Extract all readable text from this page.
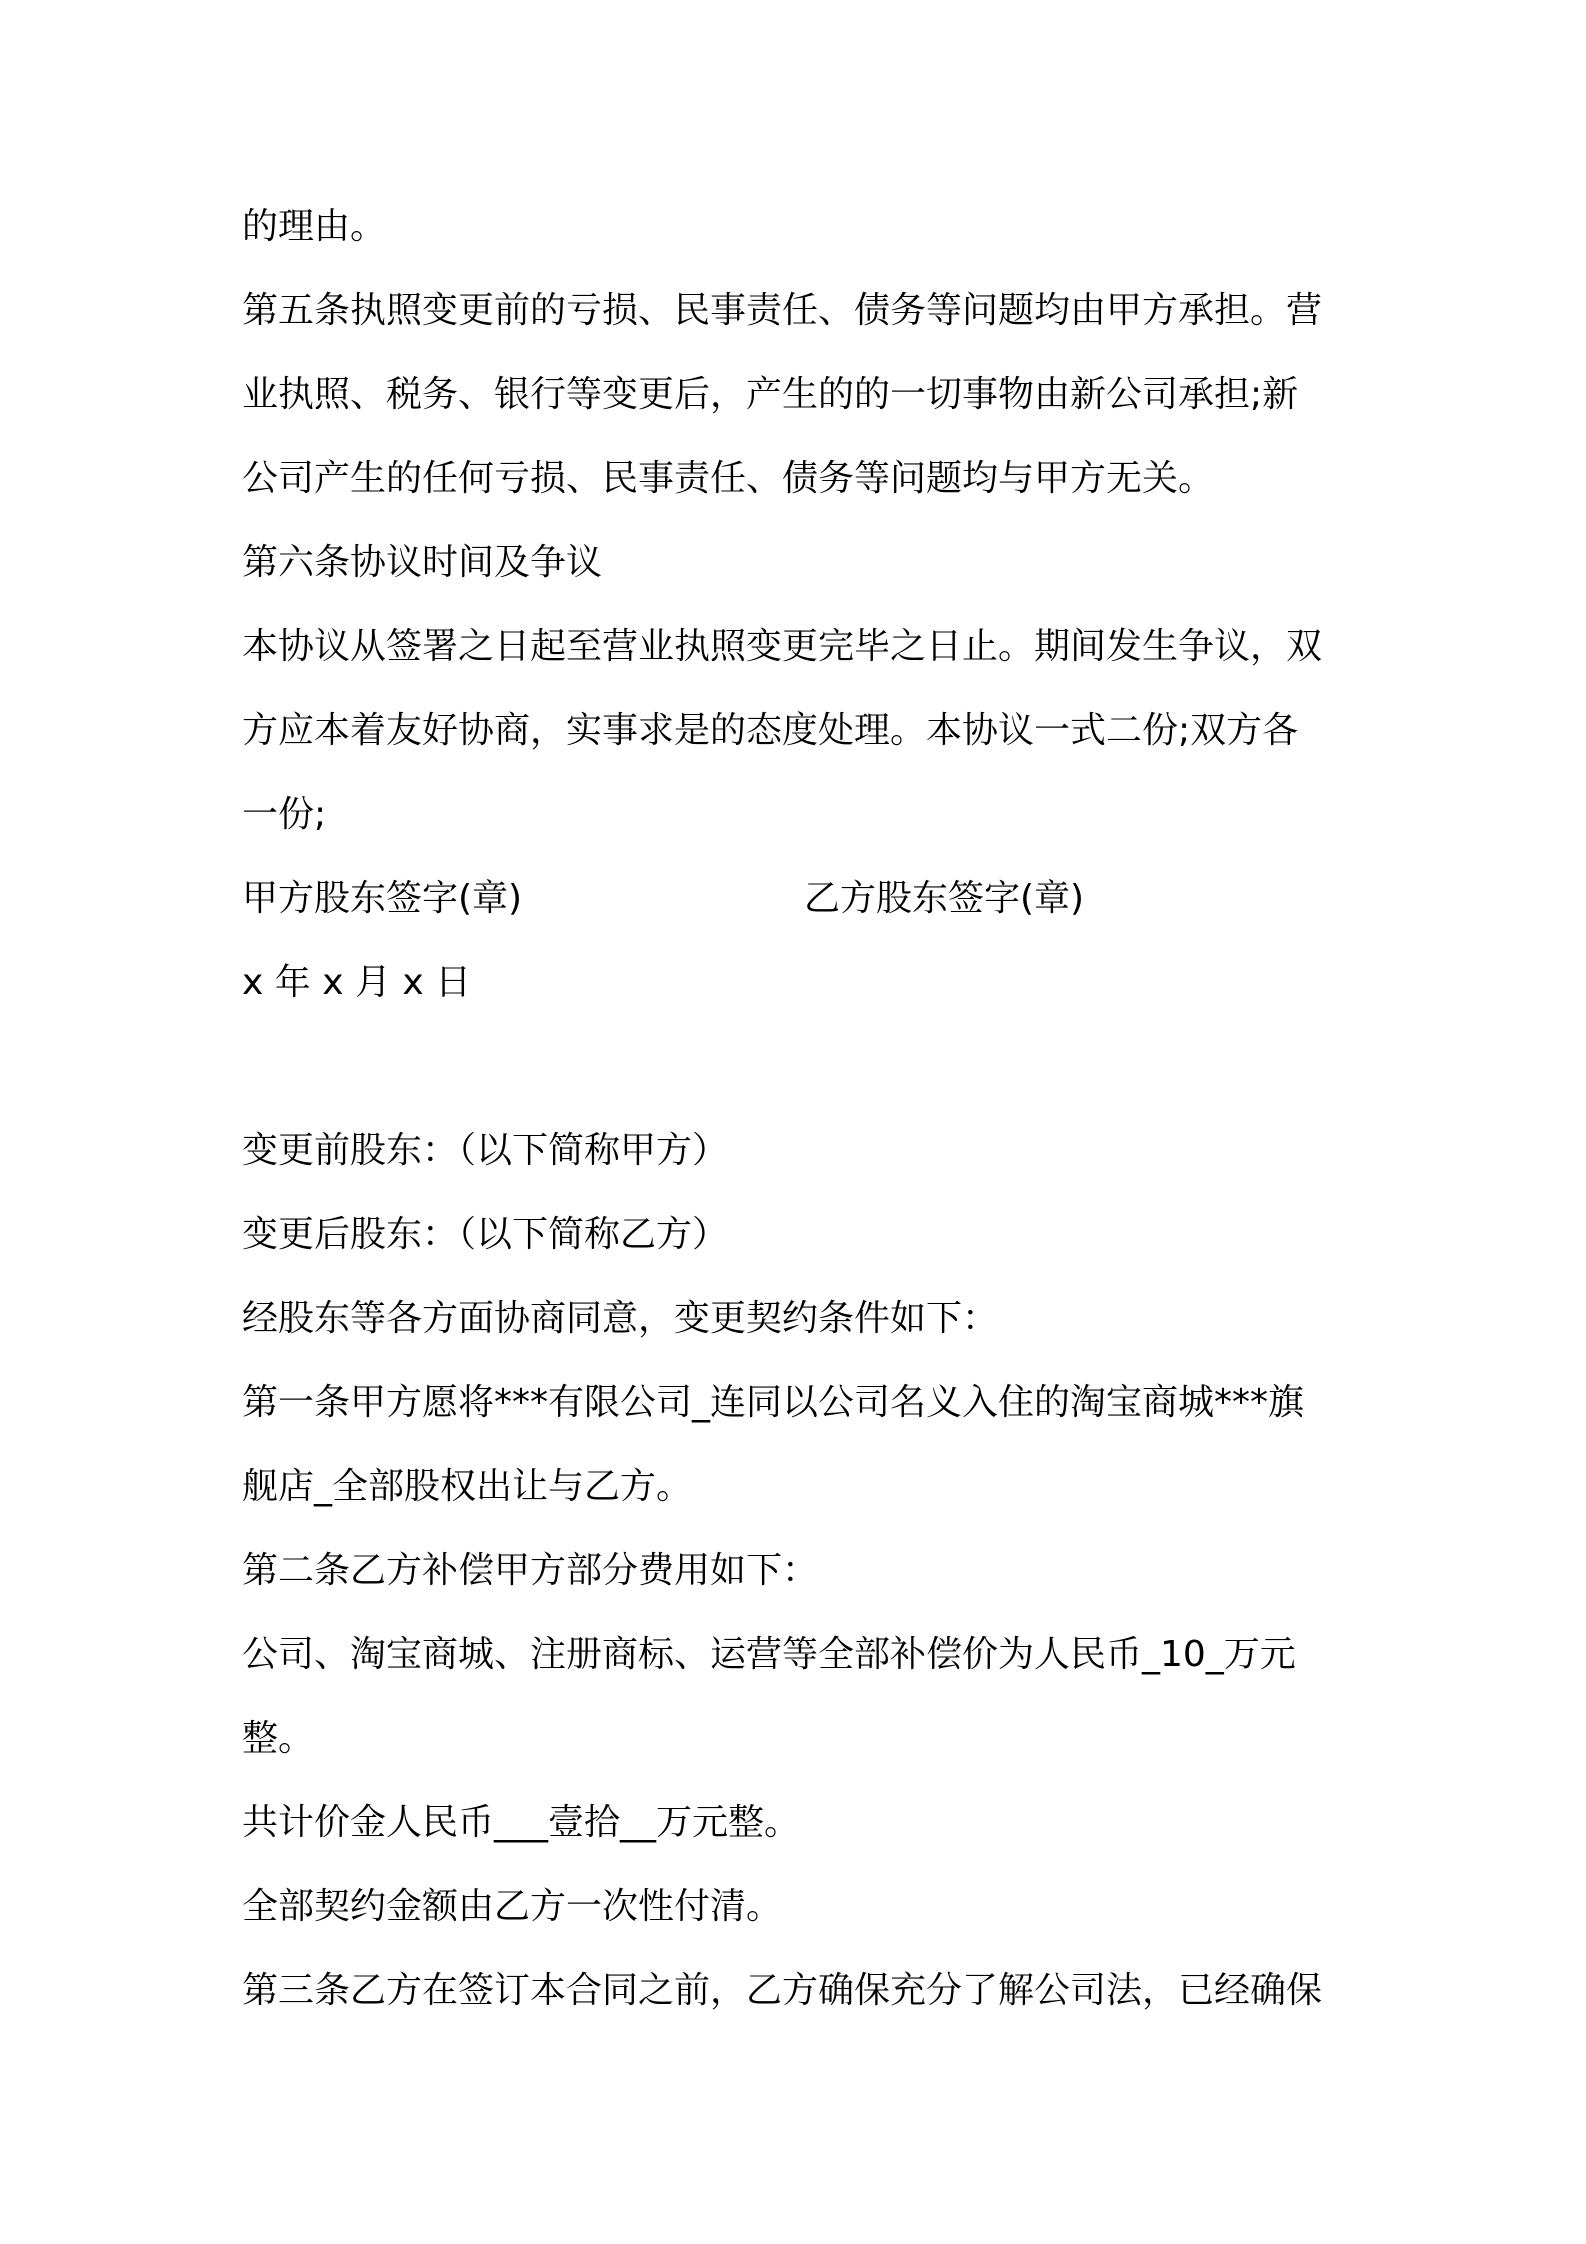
的理由。
第五条执照变更前的亏损、民事责任、债务等问题均由甲方承担。营
业执照、税务、银行等变更后，产生的的一切事物由新公司承担;新
公司产生的任何亏损、民事责任、债务等问题均与甲方无关。
第六条协议时间及争议
本协议从签署之日起至营业执照变更完毕之日止。期间发生争议，双
方应本着友好协商，实事求是的态度处理。本协议一式二份;双方各
一份;
甲方股东签字(章)	乙方股东签字(章)
x 年 x 月 x 日
变更前股东：（以下简称甲方）
变更后股东：（以下简称乙方）
经股东等各方面协商同意，变更契约条件如下：
第一条甲方愿将***有限公司_连同以公司名义入住的淘宝商城***旗
舰店_全部股权出让与乙方。
第二条乙方补偿甲方部分费用如下：
公司、淘宝商城、注册商标、运营等全部补偿价为人民币_10_万元
整。
共计价金人民币___壹拾__万元整。
全部契约金额由乙方一次性付清。
第三条乙方在签订本合同之前，乙方确保充分了解公司法，已经确保
